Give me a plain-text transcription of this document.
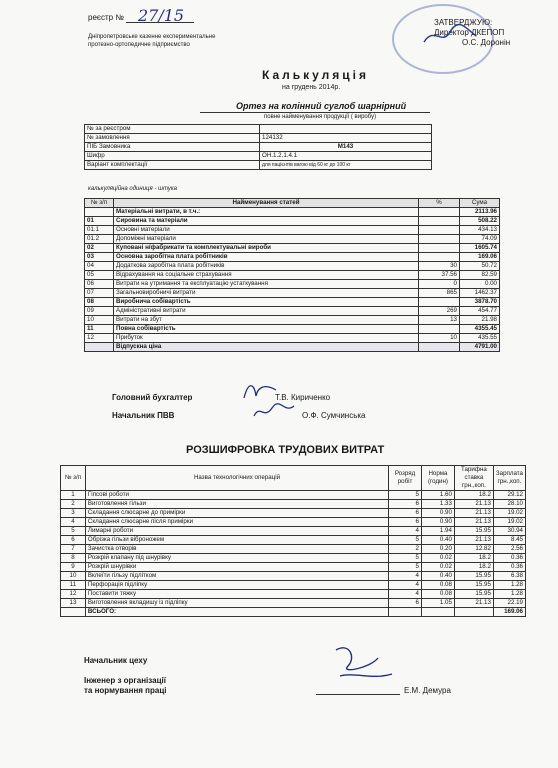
реєстр № 27/15
Дніпропетровське казенне експериментальне
протезно-ортопедичне підприємство
ЗАТВЕРДЖУЮ:
Директор ДКЕПОП
О.С. Доронін
Калькуляція
на грудень 2014р.
Ортез на колінний суглоб шарнірний
повне найменування продукції ( виробу)
№ за реєстром	
№ замовлення	124132
ПІБ Замовника	М143
Шифр	ОН.1.2.1.4.1
Варіант комплектації	для пацієнтів вагою від 60 кг до 100 кг
калькуляційна одиниця - штука
№ з/п	Найменування статей	%	Сума
	Матеріальні витрати, в т.ч.:		2113.96
01	Сировина та матеріали		508.22
01.1	Основні матеріали		434.13
01.2	Допоміжні матеріали		74.09
02	Куповані н/фабрикати та комплектувальні вироби		1605.74
03	Основна заробітна плата робітників		169.06
04	Додаткова заробітна плата робітників	30	50.72
05	Відрахування на соціальне страхування	37.56	82.59
06	Витрати на утримання та експлуатацію устаткування	0	0.00
07	Загальновиробничі витрати	865	1462.37
08	Виробнича собівартість		3878.70
09	Адміністративні витрати	269	454.77
10	Витрати на збут	13	21.98
11	Повна собівартість		4355.45
12	Прибуток	10	435.55
	Відпускна ціна		4791.00
Головний бухгалтер	Т.В. Кириченко
Начальник ПВВ	О.Ф. Сумчинська
РОЗШИФРОВКА ТРУДОВИХ ВИТРАТ
№ з/п	Назва технологічних операцій	Розряд робіт	Норма (годин)	Тарифна ставка грн.,коп.	Зарплата грн.,коп.
1	Гіпсові роботи	5	1.60	18.2	29.12
2	Виготовлення гільзи	6	1.33	21.13	28.10
3	Складання слюсарне до примірки	6	0.90	21.13	19.02
4	Складання слюсарне після примірки	6	0.90	21.13	19.02
5	Лимарні роботи	4	1.94	15.95	30.94
6	Обрізка гільзи віброножем	5	0.40	21.13	8.45
7	Зачистка отворів	2	0.20	12.82	2.56
8	Розкрій клапану під шнурівку	5	0.02	18.2	0.36
9	Розкрій шнурівки	5	0.02	18.2	0.36
10	Вклеїти гільзу підлітком	4	0.40	15.95	6.38
11	Перфорація підліпку	4	0.08	15.95	1.28
12	Поставити тяжку	4	0.08	15.95	1.28
13	Виготовлення вкладишу із підліпку	6	1.05	21.13	22.19
	ВСЬОГО:				169.06
Начальник цеху
Інженер з організації
та нормування праці	Е.М. Демура
